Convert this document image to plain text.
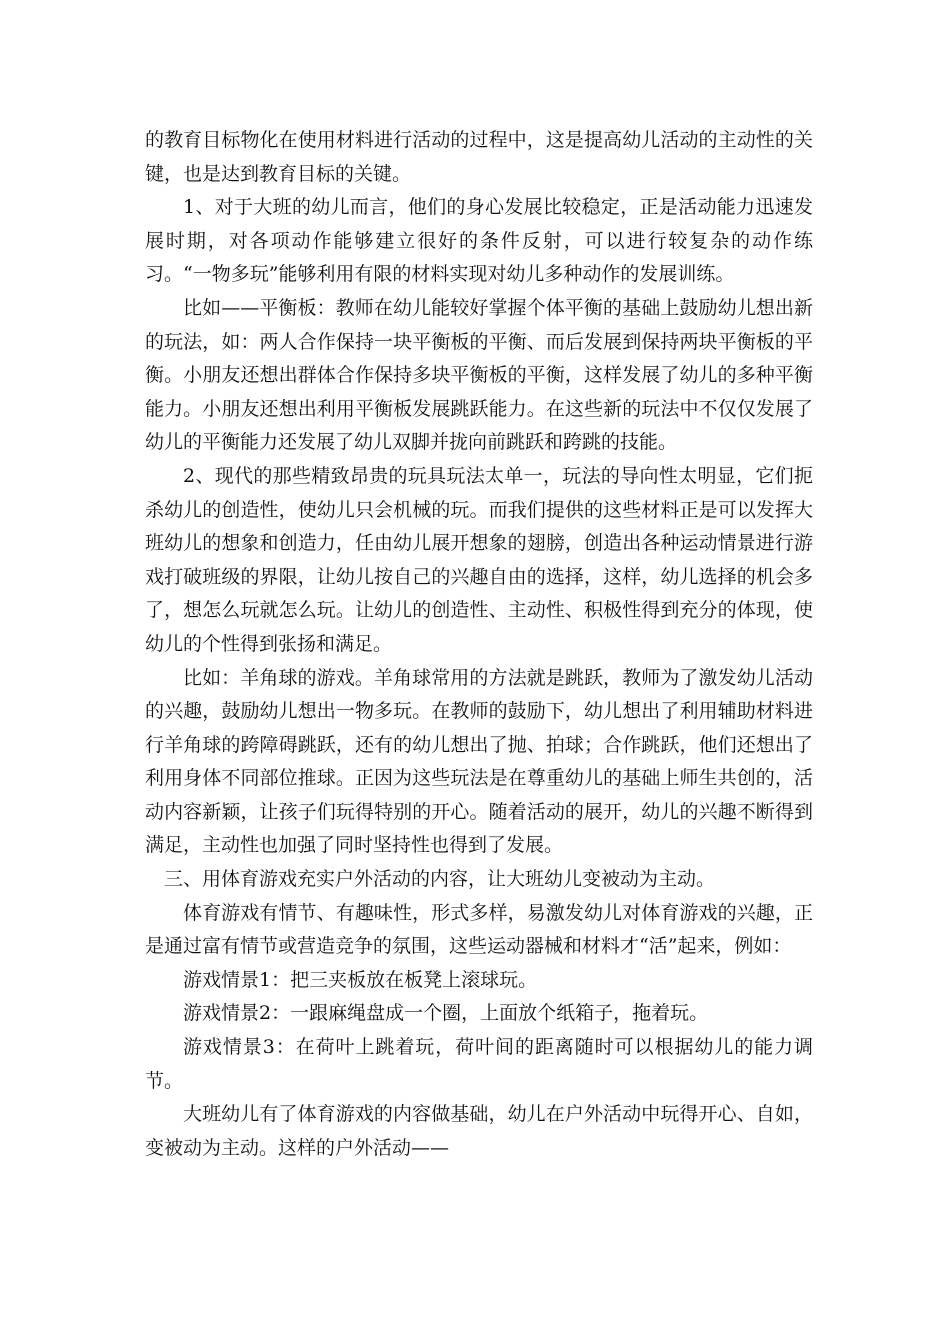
的教育目标物化在使用材料进行活动的过程中，这是提高幼儿活动的主动性的关键，也是达到教育目标的关键。

1、对于大班的幼儿而言，他们的身心发展比较稳定，正是活动能力迅速发展时期，对各项动作能够建立很好的条件反射，可以进行较复杂的动作练习。“一物多玩”能够利用有限的材料实现对幼儿多种动作的发展训练。

比如——平衡板：教师在幼儿能较好掌握个体平衡的基础上鼓励幼儿想出新的玩法，如：两人合作保持一块平衡板的平衡、而后发展到保持两块平衡板的平衡。小朋友还想出群体合作保持多块平衡板的平衡，这样发展了幼儿的多种平衡能力。小朋友还想出利用平衡板发展跳跃能力。在这些新的玩法中不仅仅发展了幼儿的平衡能力还发展了幼儿双脚并拢向前跳跃和跨跳的技能。

2、现代的那些精致昂贵的玩具玩法太单一，玩法的导向性太明显，它们扼杀幼儿的创造性，使幼儿只会机械的玩。而我们提供的这些材料正是可以发挥大班幼儿的想象和创造力，任由幼儿展开想象的翅膀，创造出各种运动情景进行游戏打破班级的界限，让幼儿按自己的兴趣自由的选择，这样，幼儿选择的机会多了，想怎么玩就怎么玩。让幼儿的创造性、主动性、积极性得到充分的体现，使幼儿的个性得到张扬和满足。

比如：羊角球的游戏。羊角球常用的方法就是跳跃，教师为了激发幼儿活动的兴趣，鼓励幼儿想出一物多玩。在教师的鼓励下，幼儿想出了利用辅助材料进行羊角球的跨障碍跳跃，还有的幼儿想出了抛、拍球；合作跳跃，他们还想出了利用身体不同部位推球。正因为这些玩法是在尊重幼儿的基础上师生共创的，活动内容新颖，让孩子们玩得特别的开心。随着活动的展开，幼儿的兴趣不断得到满足，主动性也加强了同时坚持性也得到了发展。

三、用体育游戏充实户外活动的内容，让大班幼儿变被动为主动。

体育游戏有情节、有趣味性，形式多样，易激发幼儿对体育游戏的兴趣，正是通过富有情节或营造竞争的氛围，这些运动器械和材料才“活”起来，例如：

游戏情景1：把三夹板放在板凳上滚球玩。

游戏情景2：一跟麻绳盘成一个圈，上面放个纸箱子，拖着玩。

游戏情景3：在荷叶上跳着玩，荷叶间的距离随时可以根据幼儿的能力调节。

大班幼儿有了体育游戏的内容做基础，幼儿在户外活动中玩得开心、自如，变被动为主动。这样的户外活动——
